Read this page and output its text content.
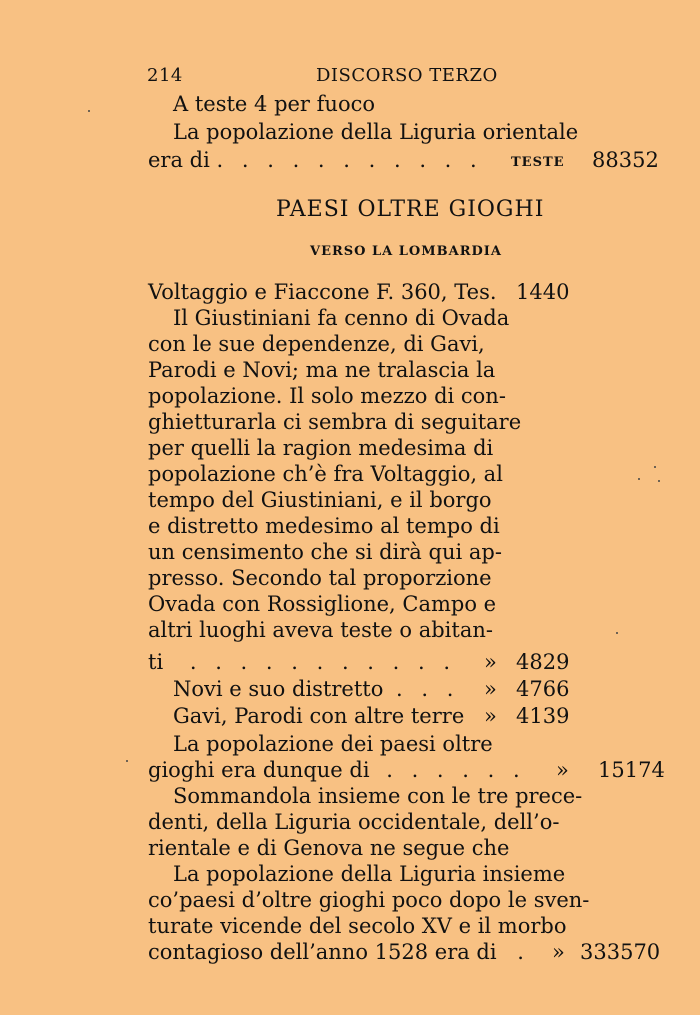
214	DISCORSO TERZO
A teste 4 per fuoco
La popolazione della Liguria orientale
era di . . . . . . . . . . . TESTE 88352
PAESI OLTRE GIOGHI
VERSO LA LOMBARDIA
Voltaggio e Fiaccone F. 360, Tes. 1440
Il Giustiniani fa cenno di Ovada
con le sue dependenze, di Gavi,
Parodi e Novi; ma ne tralascia la
popolazione. Il solo mezzo di con-
ghietturarla ci sembra di seguitare
per quelli la ragion medesima di
popolazione ch’è fra Voltaggio, al
tempo del Giustiniani, e il borgo
e distretto medesimo al tempo di
un censimento che si dirà qui ap-
presso. Secondo tal proporzione
Ovada con Rossiglione, Campo e
altri luoghi aveva teste o abitan-
ti . . . . . . . . . . . » 4829
Novi e suo distretto . . . » 4766
Gavi, Parodi con altre terre » 4139
La popolazione dei paesi oltre
gioghi era dunque di . . . . . . » 15174
Sommandola insieme con le tre prece-
denti, della Liguria occidentale, dell’o-
rientale e di Genova ne segue che
La popolazione della Liguria insieme
co’paesi d’oltre gioghi poco dopo le sven-
turate vicende del secolo XV e il morbo
contagioso dell’anno 1528 era di . » 333570
